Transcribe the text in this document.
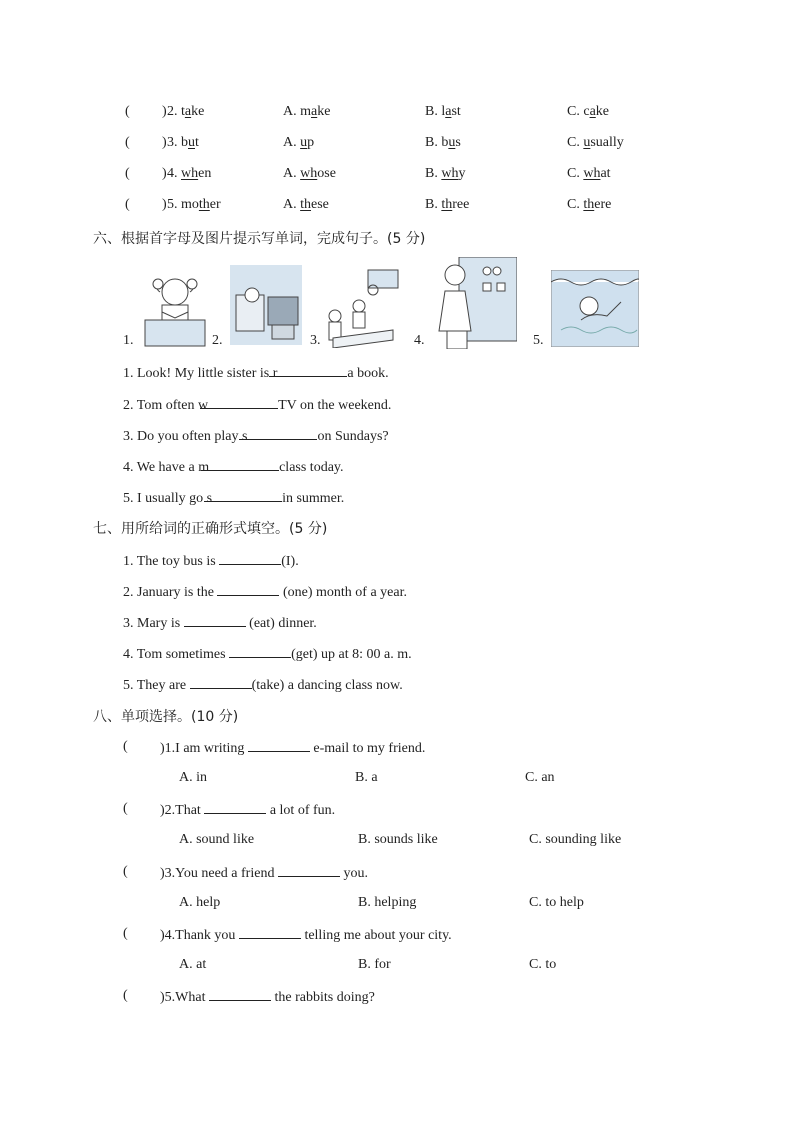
( ) 2. take	A. make	B. last	C. cake
( ) 3. but	A. up	B. bus	C. usually
( ) 4. when	A. whose	B. why	C. what
( ) 5. mother	A. these	B. three	C. there
六、根据首字母及图片提示写单词，完成句子。(5 分)
1.	2.	3.	4.	5.
1. Look! My little sister is r	a book.
2. Tom often w	TV on the weekend.
3. Do you often play s	on Sundays?
4. We have a m	class today.
5. I usually go s	in summer.
七、用所给词的正确形式填空。(5 分)
1. The toy bus is	(I).
2. January is the	(one) month of a year.
3. Mary is	(eat) dinner.
4. Tom sometimes	(get) up at 8: 00 a. m.
5. They are	(take) a dancing class now.
八、单项选择。(10 分)
( )1.I am writing	e-mail to my friend.
A. in	B. a	C. an
( )2.That	a lot of fun.
A. sound like	B. sounds like	C. sounding like
( )3.You need a friend	you.
A. help	B. helping	C. to help
( )4.Thank you	telling me about your city.
A. at	B. for	C. to
( )5.What	the rabbits doing?
